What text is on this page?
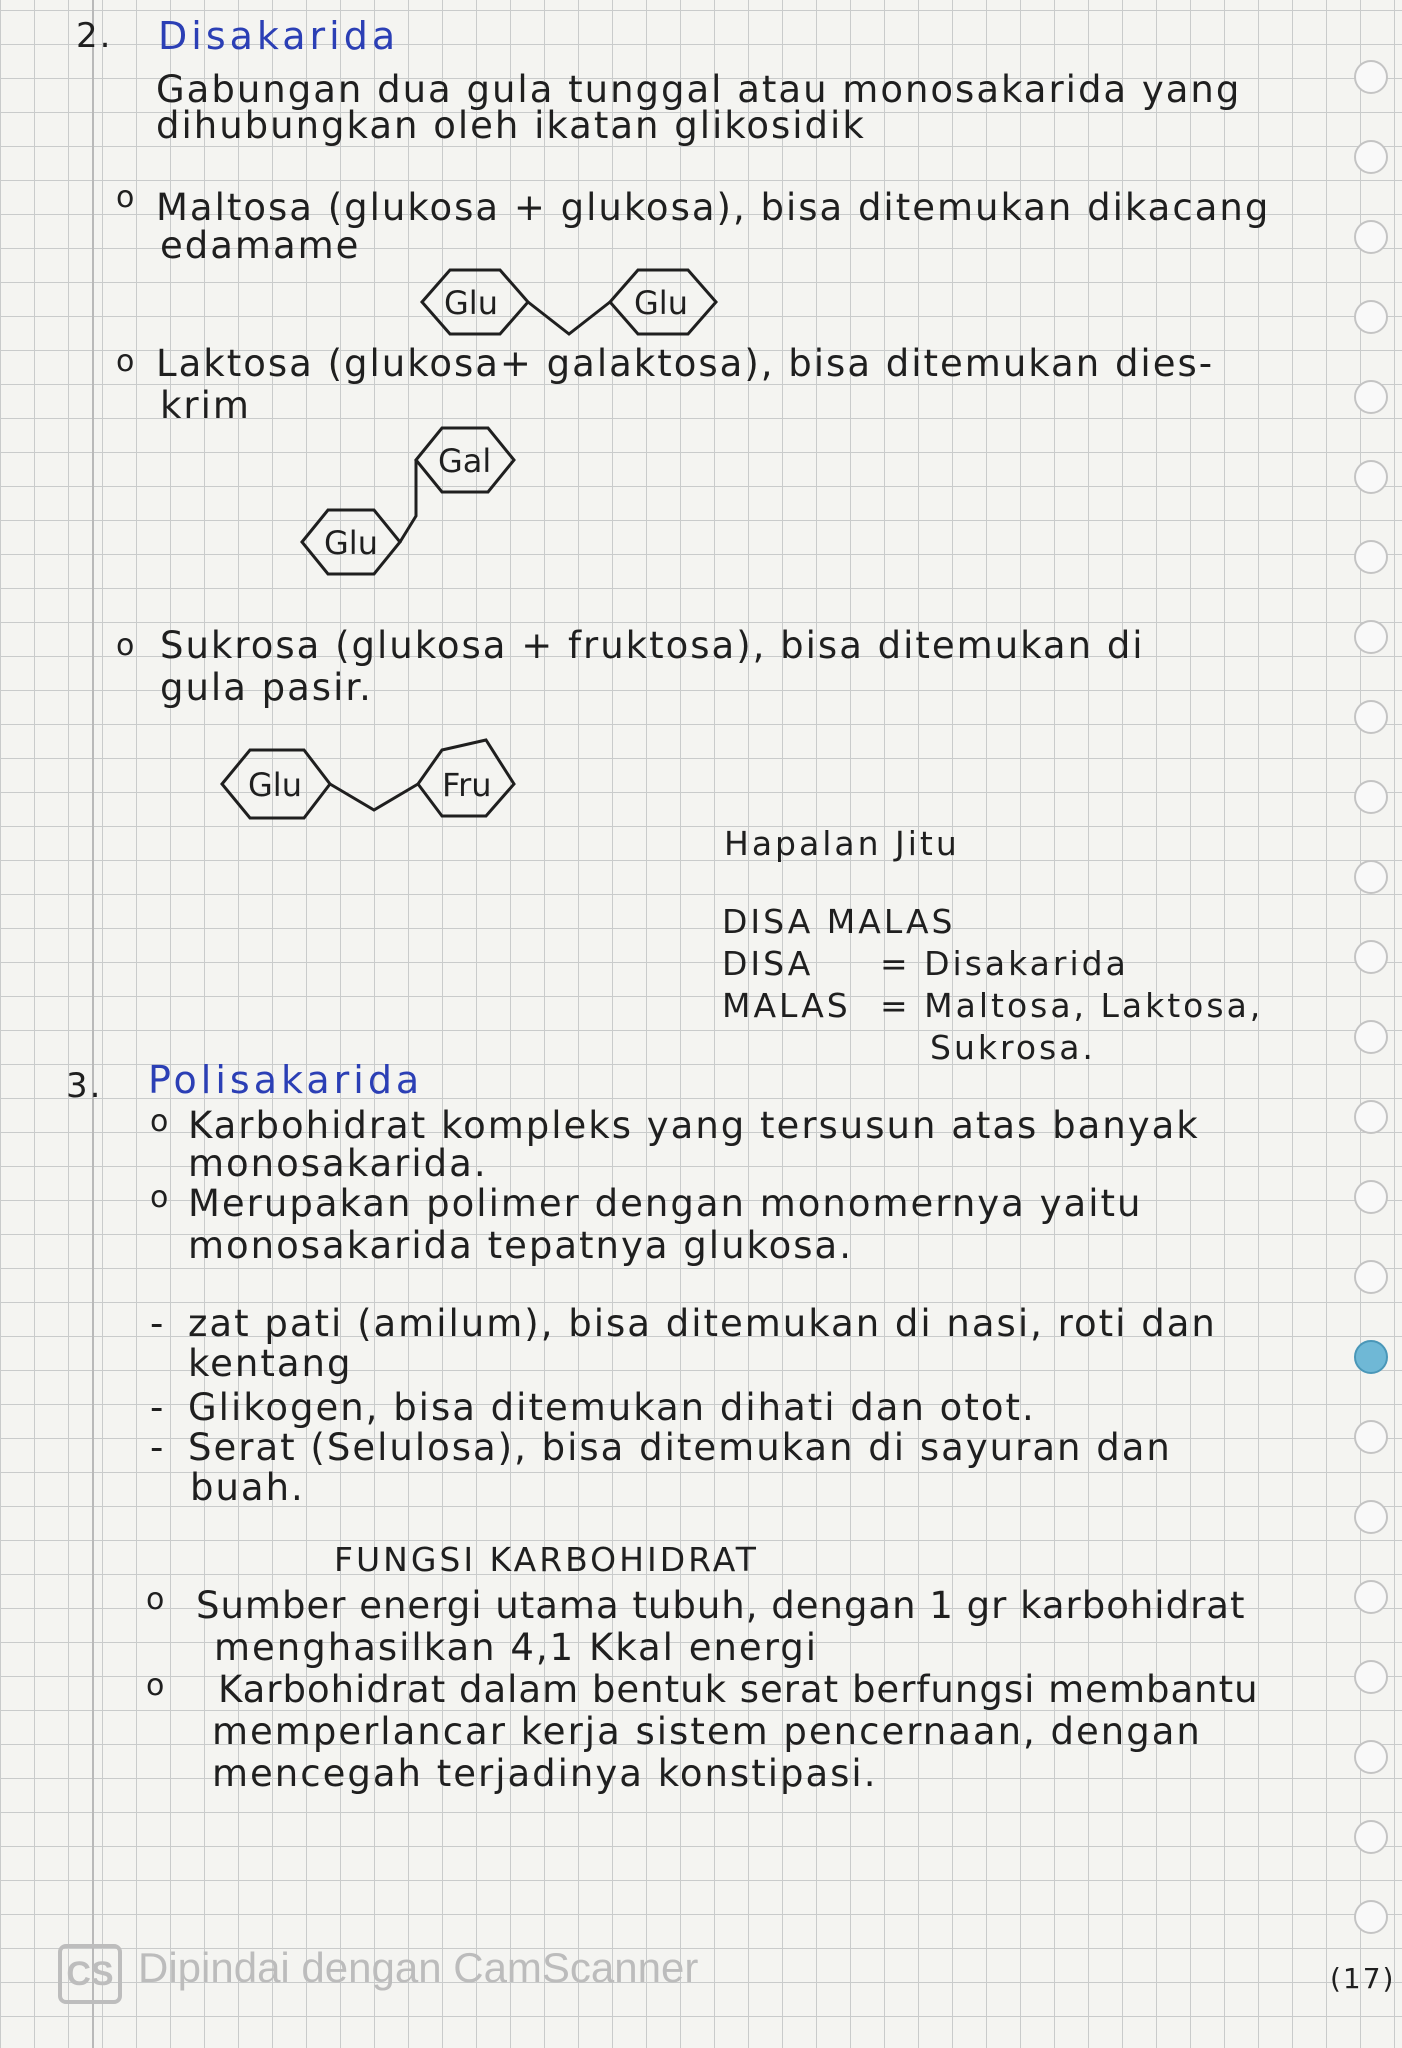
2. Disakarida
Gabungan dua gula tunggal atau monosakarida yang
dihubungkan oleh ikatan glikosidik
o Maltosa (glukosa + glukosa), bisa ditemukan dikacang
edamame
Glu	Glu
o Laktosa (glukosa+ galaktosa), bisa ditemukan dies-
krim
Gal
Glu
o Sukrosa (glukosa + fruktosa), bisa ditemukan di
gula pasir.
Glu	Fru
Hapalan Jitu
DISA MALAS
DISA = Disakarida
MALAS = Maltosa, Laktosa,
Sukrosa.
3. Polisakarida
o Karbohidrat kompleks yang tersusun atas banyak
monosakarida.
o Merupakan polimer dengan monomernya yaitu
monosakarida tepatnya glukosa.
- zat pati (amilum), bisa ditemukan di nasi, roti dan
kentang
- Glikogen, bisa ditemukan dihati dan otot.
- Serat (Selulosa), bisa ditemukan di sayuran dan
buah.
FUNGSI KARBOHIDRAT
o Sumber energi utama tubuh, dengan 1 gr karbohidrat
menghasilkan 4,1 Kkal energi
o Karbohidrat dalam bentuk serat berfungsi membantu
memperlancar kerja sistem pencernaan, dengan
mencegah terjadinya konstipasi.
CS Dipindai dengan CamScanner	(17)
